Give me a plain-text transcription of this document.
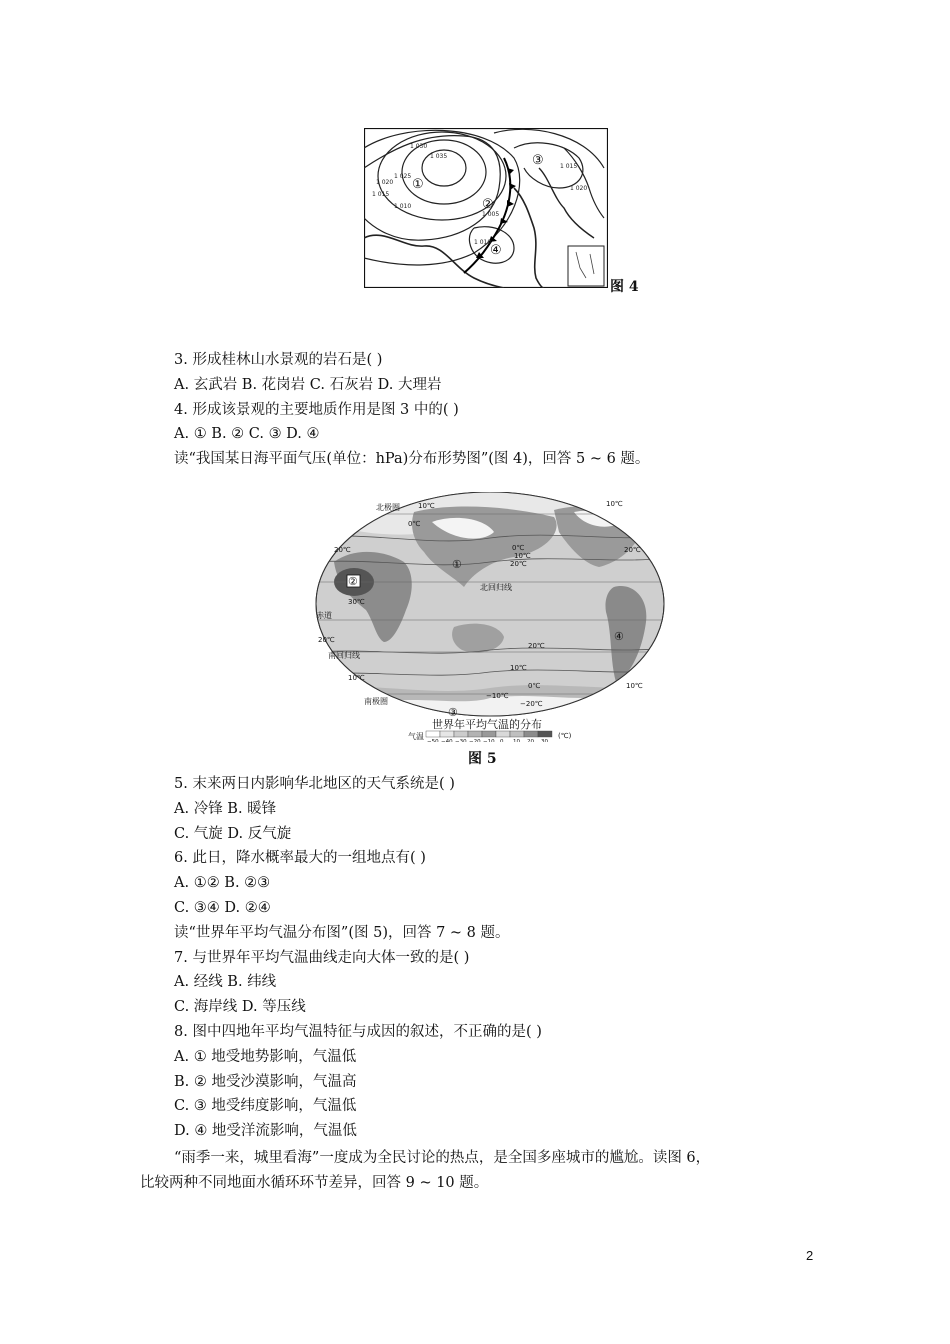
1 035
1 030
1 025
1 020
1 015
1 010
1 005
1 015
1 020
1 010
①
②
③
④
图 4
3. 形成桂林山水景观的岩石是( )
A. 玄武岩 B. 花岗岩 C. 石灰岩 D. 大理岩
4. 形成该景观的主要地质作用是图 3 中的( )
A. ① B. ② C. ③ D. ④
读“我国某日海平面气压(单位：hPa)分布形势图”(图 4)，回答 5 ~ 6 题。
北极圈
北回归线
赤道
南回归线
南极圈
10℃	10℃
0℃
0℃
10℃
20℃	20℃
20℃
30℃
20℃
20℃
10℃
10℃
10℃
0℃
−10℃
−20℃
①
②
③
④
世界年平均气温的分布
气温
−50 −40 −30 −20 −10 0 10 20 30
(℃)
图 5
5. 末来两日内影响华北地区的天气系统是( )
A. 冷锋 B. 暖锋
C. 气旋 D. 反气旋
6. 此日，降水概率最大的一组地点有( )
A. ①② B. ②③
C. ③④ D. ②④
读“世界年平均气温分布图”(图 5)，回答 7 ~ 8 题。
7. 与世界年平均气温曲线走向大体一致的是( )
A. 经线 B. 纬线
C. 海岸线 D. 等压线
8. 图中四地年平均气温特征与成因的叙述，不正确的是( )
A. ① 地受地势影响，气温低
B. ② 地受沙漠影响，气温高
C. ③ 地受纬度影响，气温低
D. ④ 地受洋流影响，气温低
“雨季一来，城里看海”一度成为全民讨论的热点，是全国多座城市的尴尬。读图 6，
比较两种不同地面水循环环节差异，回答 9 ~ 10 题。
2
